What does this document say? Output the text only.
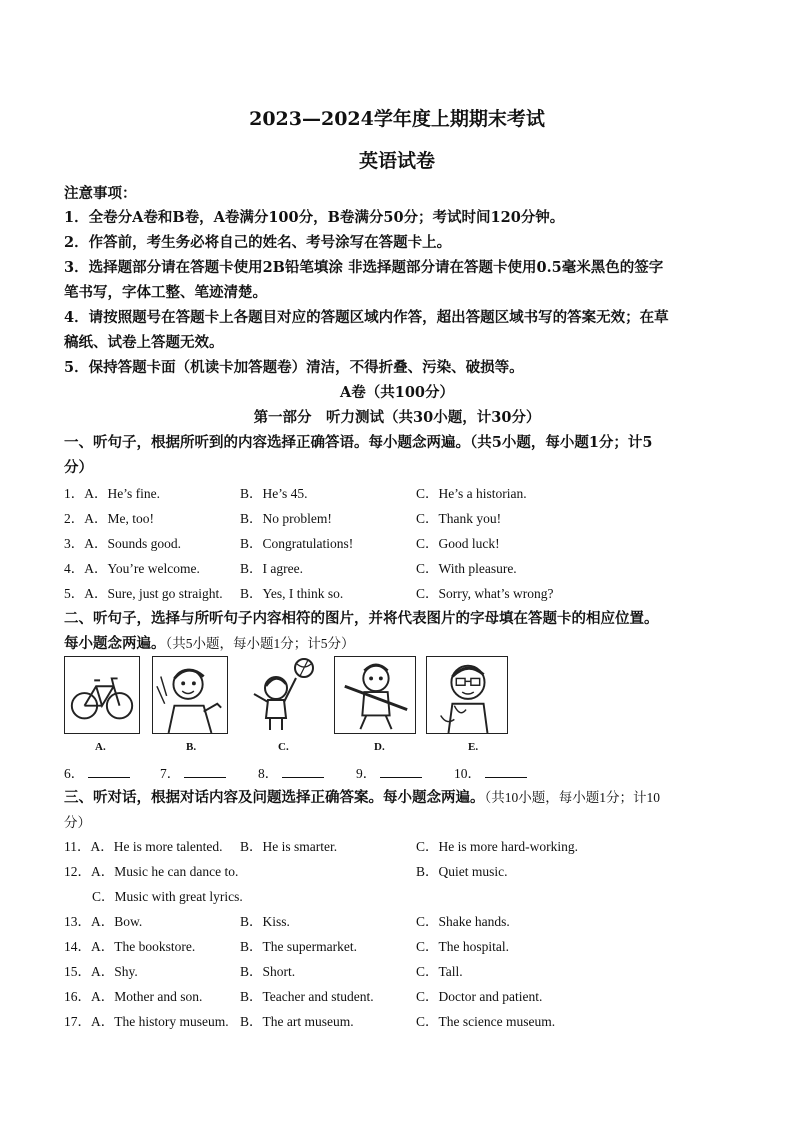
2023—2024学年度上期期末考试
英语试卷
注意事项：
1．全卷分A卷和B卷，A卷满分100分，B卷满分50分；考试时间120分钟。
2．作答前，考生务必将自己的姓名、考号涂写在答题卡上。
3．选择题部分请在答题卡使用2B铅笔填涂 非选择题部分请在答题卡使用0.5毫米黑色的签字
笔书写，字体工整、笔迹清楚。
4．请按照题号在答题卡上各题目对应的答题区域内作答，超出答题区域书写的答案无效；在草
稿纸、试卷上答题无效。
5．保持答题卡面（机读卡加答题卷）清洁，不得折叠、污染、破损等。
A卷（共100分）
第一部分　听力测试（共30小题，计30分）
一、听句子，根据所听到的内容选择正确答语。每小题念两遍。（共5小题，每小题1分；计5
分）
1．A．He’s fine.	B．He’s 45.	C．He’s a historian.
2．A．Me, too!	B．No problem!	C．Thank you!
3．A．Sounds good.	B．Congratulations!	C．Good luck!
4．A．You’re welcome.	B．I agree.	C．With pleasure.
5．A．Sure, just go straight. B．Yes, I think so.	C．Sorry, what’s wrong?
二、听句子，选择与所听句子内容相符的图片，并将代表图片的字母填在答题卡的相应位置。
每小题念两遍。（共5小题，每小题1分；计5分）
A.	B.	C.	D.	E.
6．	7．	8．	9．	10．
三、听对话，根据对话内容及问题选择正确答案。每小题念两遍。（共10小题，每小题1分；计10
分）
11．A．He is more talented. B．He is smarter.	C．He is more hard-working.
12．A．Music he can dance to.	B．Quiet music.
C．Music with great lyrics.
13．A．Bow.	B．Kiss.	C．Shake hands.
14．A．The bookstore.	B．The supermarket.	C．The hospital.
15．A．Shy.	B．Short.	C．Tall.
16．A．Mother and son.	B．Teacher and student.	C．Doctor and patient.
17．A．The history museum. B．The art museum.	C．The science museum.
